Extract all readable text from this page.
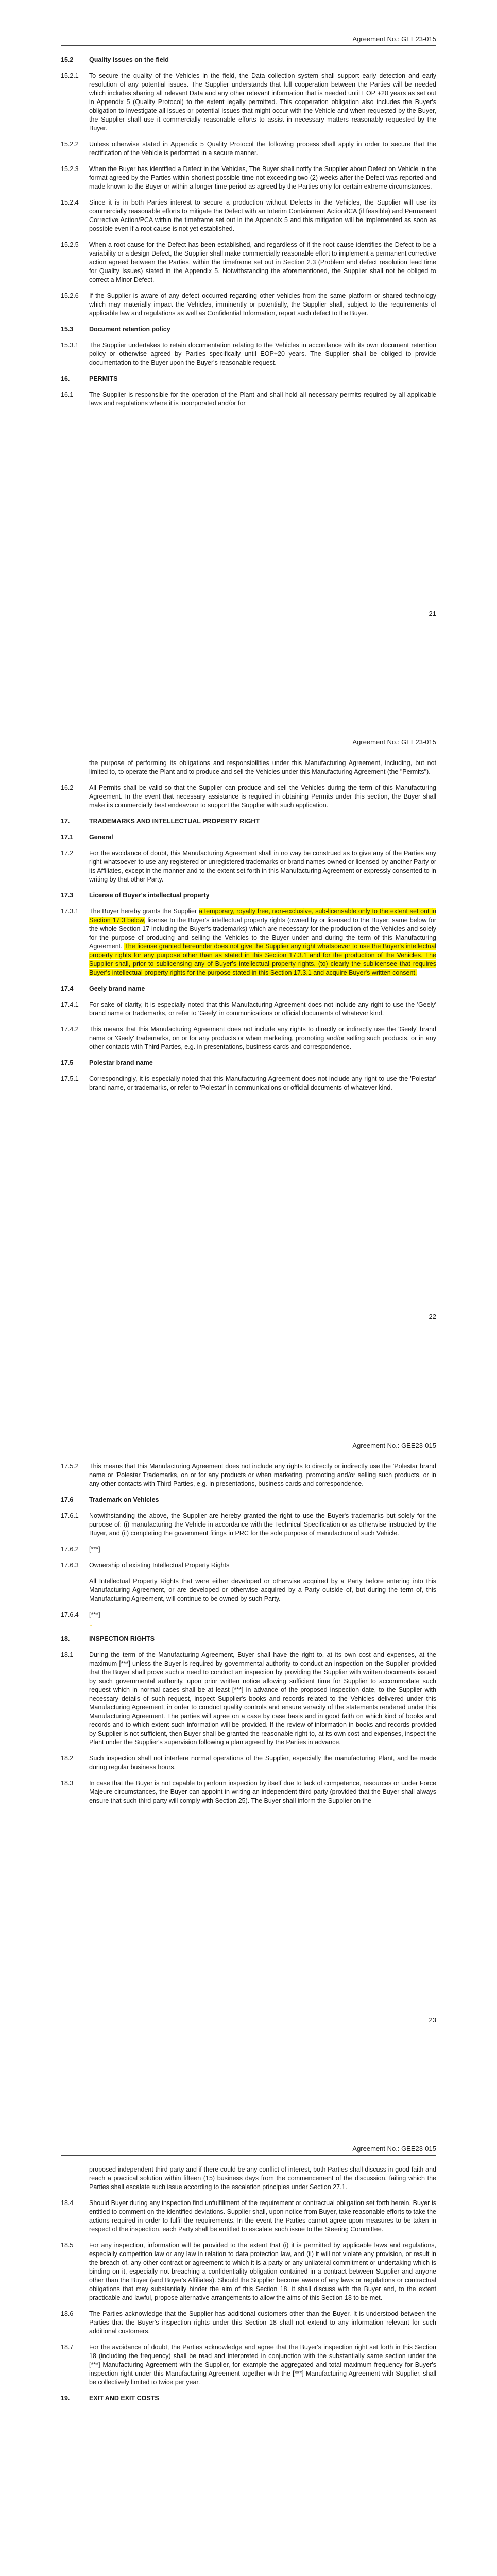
Agreement No.: GEE23-015
15.2	Quality issues on the field
15.2.1	To secure the quality of the Vehicles in the field, the Data collection system shall support early detection and early resolution of any potential issues. The Supplier understands that full cooperation between the Parties will be needed which includes sharing all relevant Data and any other relevant information that is needed until EOP +20 years as set out in Appendix 5 (Quality Protocol) to the extent legally permitted. This cooperation obligation also includes the Buyer's obligation to investigate all issues or potential issues that might occur with the Vehicle and when requested by the Buyer, the Supplier shall use it commercially reasonable efforts to assist in necessary matters reasonably requested by the Buyer.
15.2.2	Unless otherwise stated in Appendix 5 Quality Protocol the following process shall apply in order to secure that the rectification of the Vehicle is performed in a secure manner.
15.2.3	When the Buyer has identified a Defect in the Vehicles, The Buyer shall notify the Supplier about Defect on Vehicle in the format agreed by the Parties within shortest possible time not exceeding two (2) weeks after the Defect was reported and made known to the Buyer or within a longer time period as agreed by the Parties only for certain extreme circumstances.
15.2.4	Since it is in both Parties interest to secure a production without Defects in the Vehicles, the Supplier will use its commercially reasonable efforts to mitigate the Defect with an Interim Containment Action/ICA (if feasible) and Permanent Corrective Action/PCA within the timeframe set out in the Appendix 5 and this mitigation will be implemented as soon as possible even if a root cause is not yet established.
15.2.5	When a root cause for the Defect has been established, and regardless of if the root cause identifies the Defect to be a variability or a design Defect, the Supplier shall make commercially reasonable effort to implement a permanent corrective action agreed between the Parties, within the timeframe set out in Section 2.3 (Problem and defect resolution lead time for Quality Issues) stated in the Appendix 5. Notwithstanding the aforementioned, the Supplier shall not be obliged to correct a Minor Defect.
15.2.6	If the Supplier is aware of any defect occurred regarding other vehicles from the same platform or shared technology which may materially impact the Vehicles, imminently or potentially, the Supplier shall, subject to the requirements of applicable law and regulations as well as Confidential Information, report such defect to the Buyer.
15.3	Document retention policy
15.3.1	The Supplier undertakes to retain documentation relating to the Vehicles in accordance with its own document retention policy or otherwise agreed by Parties specifically until EOP+20 years. The Supplier shall be obliged to provide documentation to the Buyer upon the Buyer's reasonable request.
16.	PERMITS
16.1	The Supplier is responsible for the operation of the Plant and shall hold all necessary permits required by all applicable laws and regulations where it is incorporated and/or for
21
Agreement No.: GEE23-015
the purpose of performing its obligations and responsibilities under this Manufacturing Agreement, including, but not limited to, to operate the Plant and to produce and sell the Vehicles under this Manufacturing Agreement (the "Permits").
16.2	All Permits shall be valid so that the Supplier can produce and sell the Vehicles during the term of this Manufacturing Agreement. In the event that necessary assistance is required in obtaining Permits under this section, the Buyer shall make its commercially best endeavour to support the Supplier with such application.
17.	TRADEMARKS AND INTELLECTUAL PROPERTY RIGHT
17.1	General
17.2	For the avoidance of doubt, this Manufacturing Agreement shall in no way be construed as to give any of the Parties any right whatsoever to use any registered or unregistered trademarks or brand names owned or licensed by another Party or its Affiliates, except in the manner and to the extent set forth in this Manufacturing Agreement or expressly consented to in writing by that other Party.
17.3	License of Buyer's intellectual property
17.3.1	The Buyer hereby grants the Supplier a temporary, royalty free, non-exclusive, sub-licensable only to the extent set out in Section 17.3 below, license to the Buyer's intellectual property rights (owned by or licensed to the Buyer; same below for the whole Section 17 including the Buyer's trademarks) which are necessary for the production of the Vehicles and solely for the purpose of producing and selling the Vehicles to the Buyer under and during the term of this Manufacturing Agreement. The license granted hereunder does not give the Supplier any right whatsoever to use the Buyer's intellectual property rights for any purpose other than as stated in this Section 17.3.1 and for the production of the Vehicles. The Supplier shall, prior to sublicensing any of Buyer's intellectual property rights, (to) clearly the sublicensee that requires Buyer's intellectual property rights for the purpose stated in this Section 17.3.1 and acquire Buyer's written consent.
17.4	Geely brand name
17.4.1	For sake of clarity, it is especially noted that this Manufacturing Agreement does not include any right to use the 'Geely' brand name or trademarks, or refer to 'Geely' in communications or official documents of whatever kind.
17.4.2	This means that this Manufacturing Agreement does not include any rights to directly or indirectly use the 'Geely' brand name or 'Geely' trademarks, on or for any products or when marketing, promoting and/or selling such products, or in any other contacts with Third Parties, e.g. in presentations, business cards and correspondence.
17.5	Polestar brand name
17.5.1	Correspondingly, it is especially noted that this Manufacturing Agreement does not include any right to use the 'Polestar' brand name, or trademarks, or refer to 'Polestar' in communications or official documents of whatever kind.
22
Agreement No.: GEE23-015
17.5.2	This means that this Manufacturing Agreement does not include any rights to directly or indirectly use the 'Polestar brand name or 'Polestar Trademarks, on or for any products or when marketing, promoting and/or selling such products, or in any other contacts with Third Parties, e.g. in presentations, business cards and correspondence.
17.6	Trademark on Vehicles
17.6.1	Notwithstanding the above, the Supplier are hereby granted the right to use the Buyer's trademarks but solely for the purpose of: (i) manufacturing the Vehicle in accordance with the Technical Specification or as otherwise instructed by the Buyer, and (ii) completing the government filings in PRC for the sole purpose of manufacture of such Vehicle.
17.6.2	[***]
17.6.3	Ownership of existing Intellectual Property Rights
All Intellectual Property Rights that were either developed or otherwise acquired by a Party before entering into this Manufacturing Agreement, or are developed or otherwise acquired by a Party outside of, but during the term of, this Manufacturing Agreement, will continue to be owned by such Party.
17.6.4	[***]
↓
18.	INSPECTION RIGHTS
18.1	During the term of the Manufacturing Agreement, Buyer shall have the right to, at its own cost and expenses, at the maximum [***] unless the Buyer is required by governmental authority to conduct an inspection on the Supplier provided that the Buyer shall prove such a need to conduct an inspection by providing the Supplier with written documents issued by such governmental authority, upon prior written notice allowing sufficient time for Supplier to accommodate such request which in normal cases shall be at least [***] in advance of the proposed inspection date, to the Supplier with necessary details of such request, inspect Supplier's books and records related to the Vehicles delivered under this Manufacturing Agreement, in order to conduct quality controls and ensure veracity of the statements rendered under this Manufacturing Agreement. The parties will agree on a case by case basis and in good faith on which kind of books and records and to which extent such information will be provided. If the review of information in books and records provided by Supplier is not sufficient, then Buyer shall be granted the reasonable right to, at its own cost and expenses, inspect the Plant under the Supplier's supervision following a plan agreed by the Parties in advance.
18.2	Such inspection shall not interfere normal operations of the Supplier, especially the manufacturing Plant, and be made during regular business hours.
18.3	In case that the Buyer is not capable to perform inspection by itself due to lack of competence, resources or under Force Majeure circumstances, the Buyer can appoint in writing an independent third party (provided that the Buyer shall always ensure that such third party will comply with Section 25). The Buyer shall inform the Supplier on the
23
Agreement No.: GEE23-015
proposed independent third party and if there could be any conflict of interest, both Parties shall discuss in good faith and reach a practical solution within fifteen (15) business days from the commencement of the discussion, failing which the Parties shall escalate such issue according to the escalation principles under Section 27.1.
18.4	Should Buyer during any inspection find unfulfillment of the requirement or contractual obligation set forth herein, Buyer is entitled to comment on the identified deviations. Supplier shall, upon notice from Buyer, take reasonable efforts to take the actions required in order to fulfil the requirements. In the event the Parties cannot agree upon measures to be taken in respect of the inspection, each Party shall be entitled to escalate such issue to the Steering Committee.
18.5	For any inspection, information will be provided to the extent that (i) it is permitted by applicable laws and regulations, especially competition law or any law in relation to data protection law, and (ii) it will not violate any provision, or result in the breach of, any other contract or agreement to which it is a party or any unilateral commitment or undertaking which is binding on it, especially not breaching a confidentiality obligation contained in a contract between Supplier and anyone other than the Buyer (and Buyer's Affiliates). Should the Supplier become aware of any laws or regulations or contractual obligations that may substantially hinder the aim of this Section 18, it shall discuss with the Buyer and, to the extent practicable and lawful, propose alternative arrangements to allow the aims of this Section 18 to be met.
18.6	The Parties acknowledge that the Supplier has additional customers other than the Buyer. It is understood between the Parties that the Buyer's inspection rights under this Section 18 shall not extend to any information relevant for such additional customers.
18.7	For the avoidance of doubt, the Parties acknowledge and agree that the Buyer's inspection right set forth in this Section 18 (including the frequency) shall be read and interpreted in conjunction with the substantially same section under the [***] Manufacturing Agreement with the Supplier, for example the aggregated and total maximum frequency for Buyer's inspection right under this Manufacturing Agreement together with the [***] Manufacturing Agreement with Supplier, shall be collectively limited to twice per year.
19.	EXIT AND EXIT COSTS
